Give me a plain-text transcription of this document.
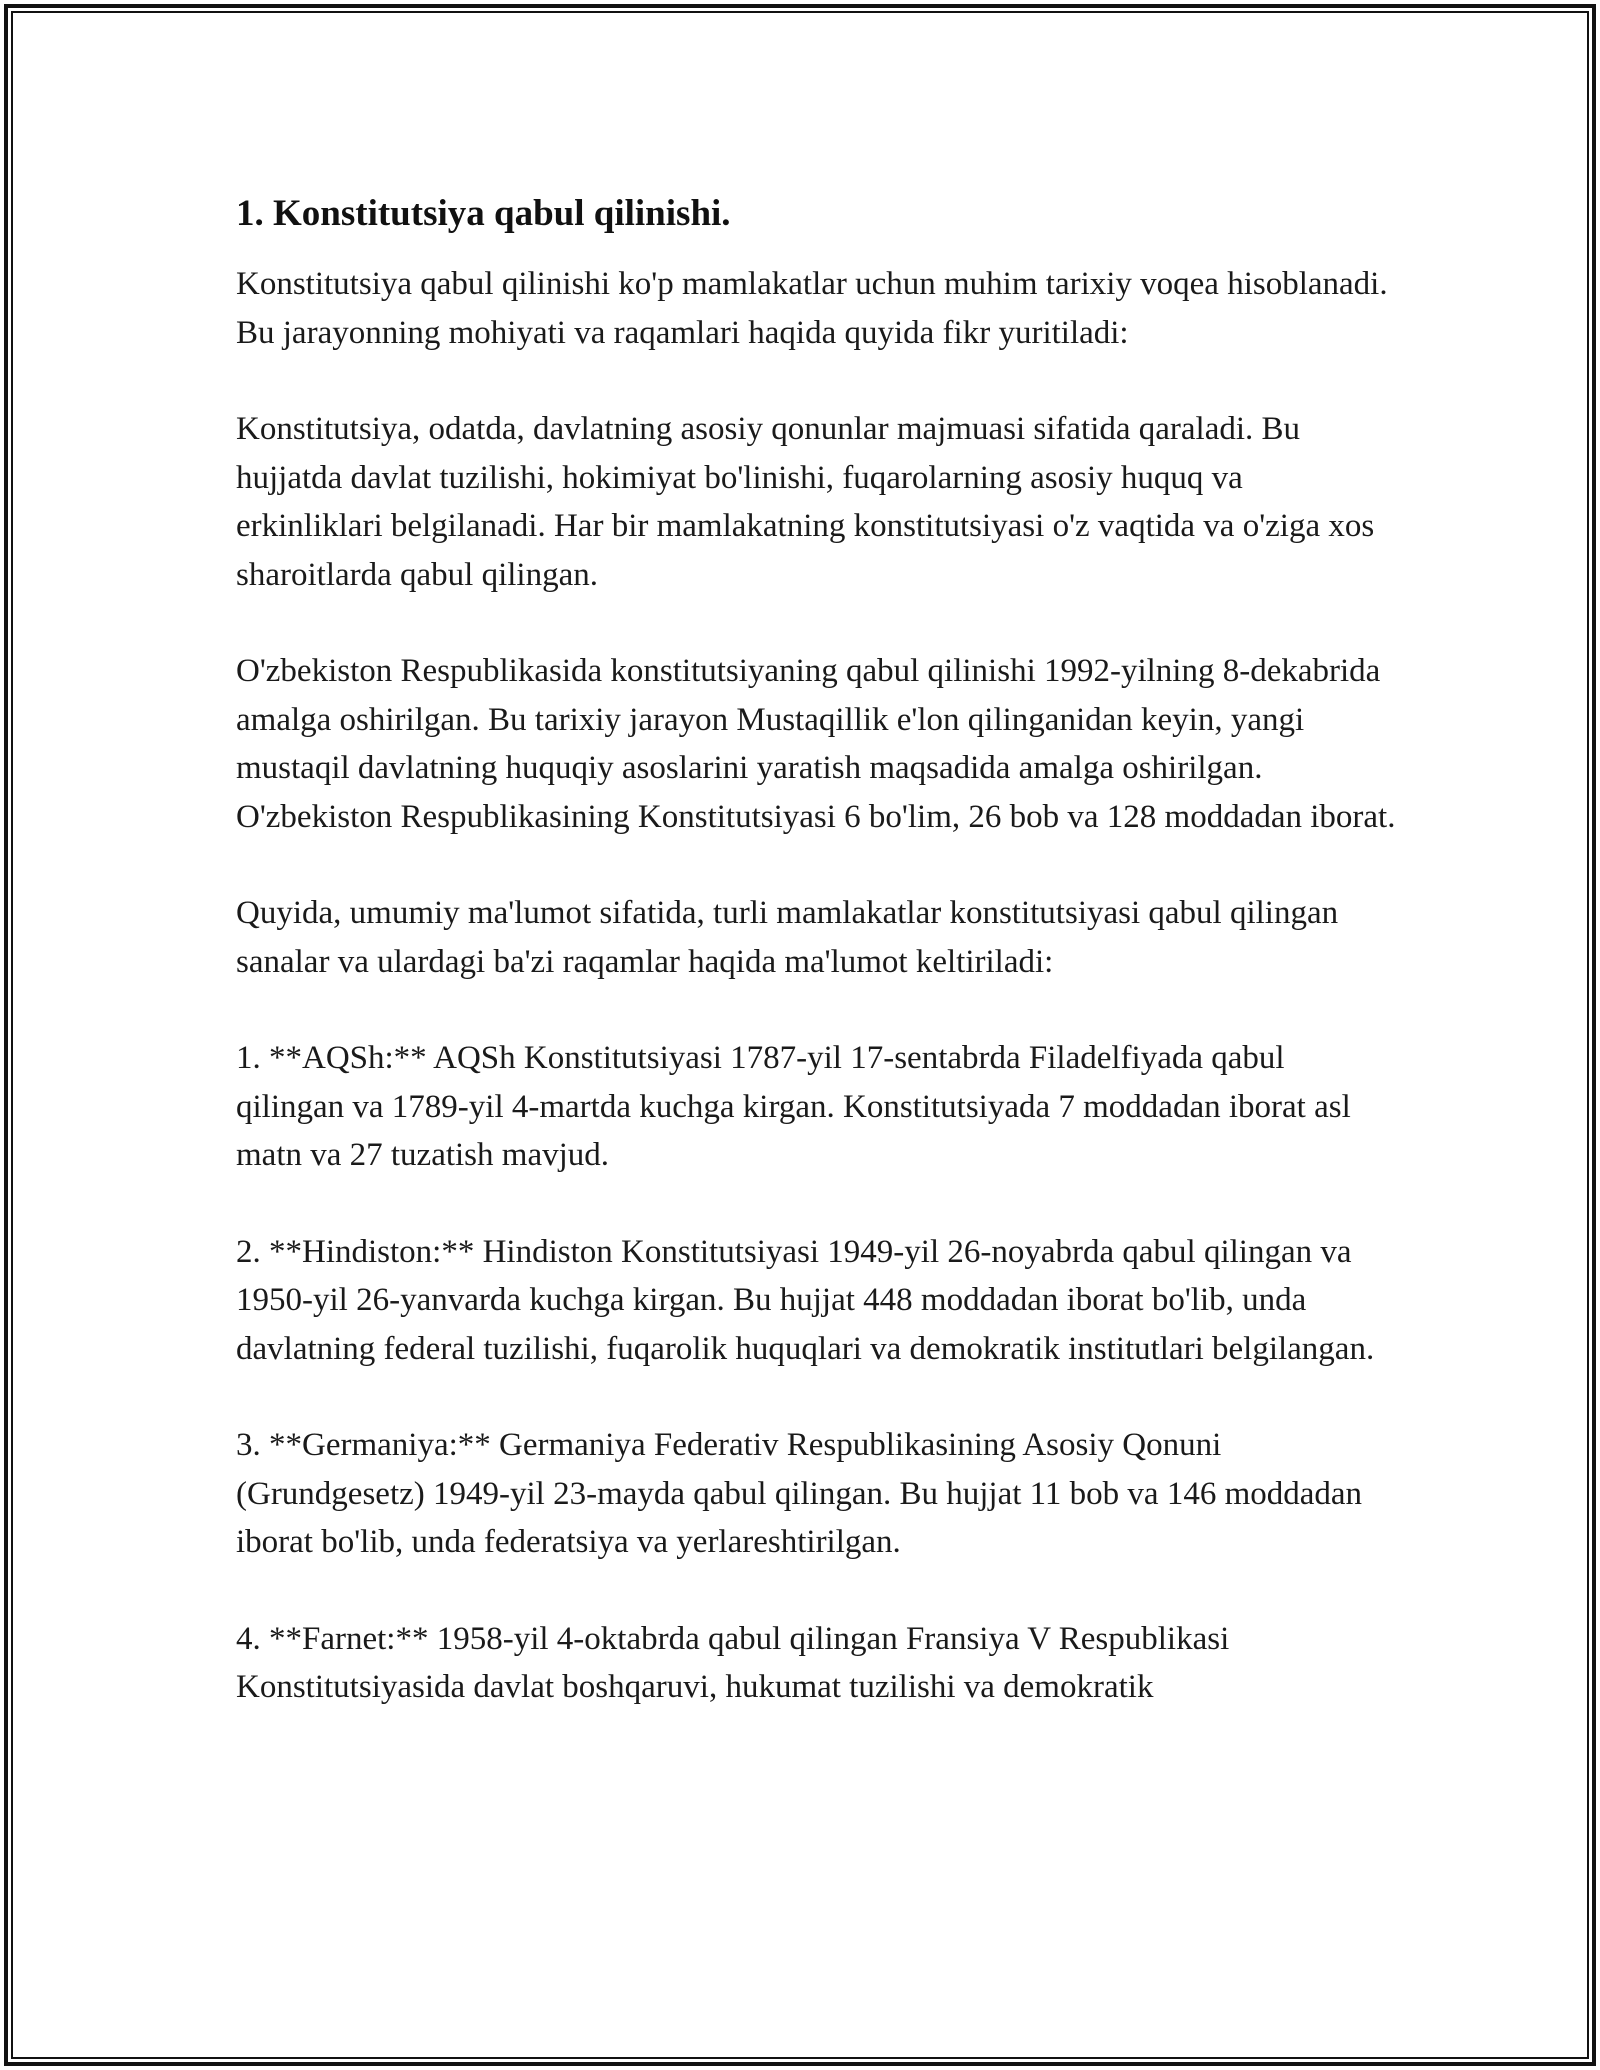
1. Konstitutsiya qabul qilinishi.

Konstitutsiya qabul qilinishi ko'p mamlakatlar uchun muhim tarixiy voqea hisoblanadi. Bu jarayonning mohiyati va raqamlari haqida quyida fikr yuritiladi:

Konstitutsiya, odatda, davlatning asosiy qonunlar majmuasi sifatida qaraladi. Bu hujjatda davlat tuzilishi, hokimiyat bo'linishi, fuqarolarning asosiy huquq va erkinliklari belgilanadi. Har bir mamlakatning konstitutsiyasi o'z vaqtida va o'ziga xos sharoitlarda qabul qilingan.

O'zbekiston Respublikasida konstitutsiyaning qabul qilinishi 1992-yilning 8-dekabrida amalga oshirilgan. Bu tarixiy jarayon Mustaqillik e'lon qilinganidan keyin, yangi mustaqil davlatning huquqiy asoslarini yaratish maqsadida amalga oshirilgan. O'zbekiston Respublikasining Konstitutsiyasi 6 bo'lim, 26 bob va 128 moddadan iborat.

Quyida, umumiy ma'lumot sifatida, turli mamlakatlar konstitutsiyasi qabul qilingan sanalar va ulardagi ba'zi raqamlar haqida ma'lumot keltiriladi:

1. **AQSh:** AQSh Konstitutsiyasi 1787-yil 17-sentabrda Filadelfiyada qabul qilingan va 1789-yil 4-martda kuchga kirgan. Konstitutsiyada 7 moddadan iborat asl matn va 27 tuzatish mavjud.

2. **Hindiston:** Hindiston Konstitutsiyasi 1949-yil 26-noyabrda qabul qilingan va 1950-yil 26-yanvarda kuchga kirgan. Bu hujjat 448 moddadan iborat bo'lib, unda davlatning federal tuzilishi, fuqarolik huquqlari va demokratik institutlari belgilangan.

3. **Germaniya:** Germaniya Federativ Respublikasining Asosiy Qonuni (Grundgesetz) 1949-yil 23-mayda qabul qilingan. Bu hujjat 11 bob va 146 moddadan iborat bo'lib, unda federatsiya va yerlareshtirilgan.

4. **Farnet:** 1958-yil 4-oktabrda qabul qilingan Fransiya V Respublikasi Konstitutsiyasida davlat boshqaruvi, hukumat tuzilishi va demokratik
